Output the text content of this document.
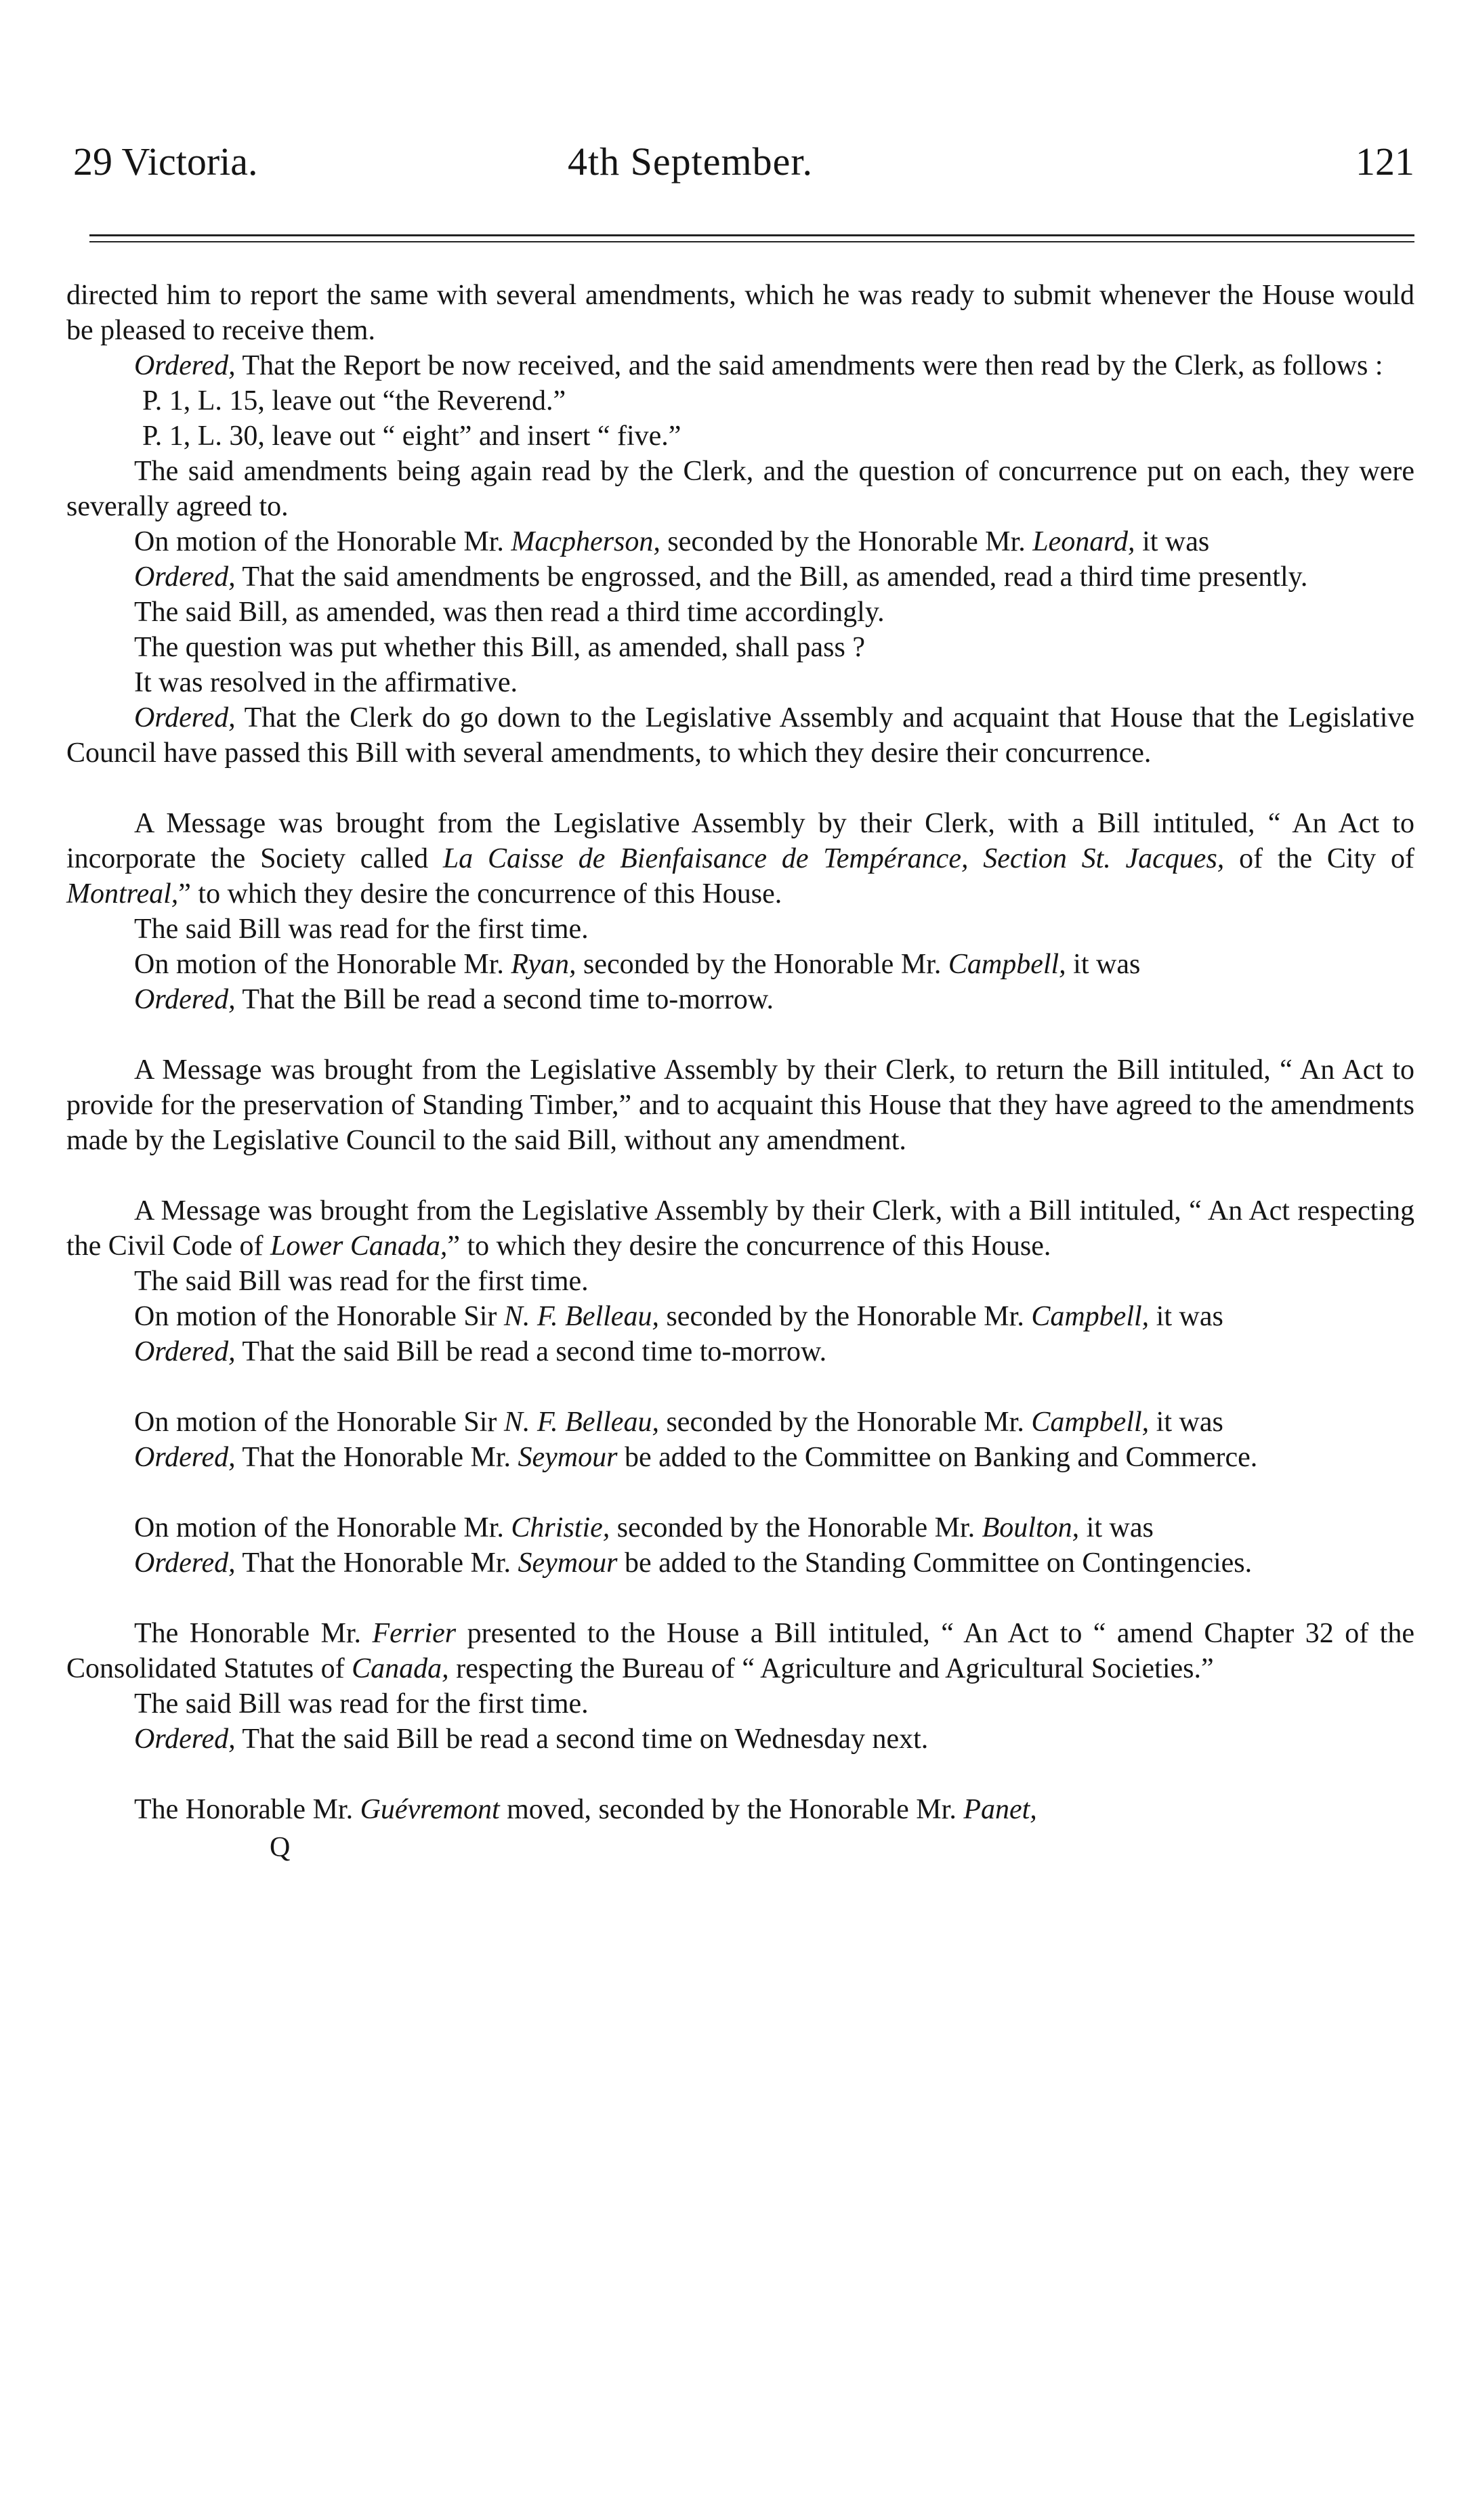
29 Victoria.	4th September.	121

directed him to report the same with several amendments, which he was ready to submit whenever the House would be pleased to receive them.

Ordered, That the Report be now received, and the said amendments were then read by the Clerk, as follows :

P. 1, L. 15, leave out “the Reverend.”

P. 1, L. 30, leave out “ eight” and insert “ five.”

The said amendments being again read by the Clerk, and the question of concurrence put on each, they were severally agreed to.

On motion of the Honorable Mr. Macpherson, seconded by the Honorable Mr. Leonard, it was

Ordered, That the said amendments be engrossed, and the Bill, as amended, read a third time presently.

The said Bill, as amended, was then read a third time accordingly.

The question was put whether this Bill, as amended, shall pass ?

It was resolved in the affirmative.

Ordered, That the Clerk do go down to the Legislative Assembly and acquaint that House that the Legislative Council have passed this Bill with several amendments, to which they desire their concurrence.

A Message was brought from the Legislative Assembly by their Clerk, with a Bill intituled, “ An Act to incorporate the Society called La Caisse de Bienfaisance de Tempérance, Section St. Jacques, of the City of Montreal,” to which they desire the concurrence of this House.

The said Bill was read for the first time.

On motion of the Honorable Mr. Ryan, seconded by the Honorable Mr. Campbell, it was

Ordered, That the Bill be read a second time to-morrow.

A Message was brought from the Legislative Assembly by their Clerk, to return the Bill intituled, “ An Act to provide for the preservation of Standing Timber,” and to acquaint this House that they have agreed to the amendments made by the Legislative Council to the said Bill, without any amendment.

A Message was brought from the Legislative Assembly by their Clerk, with a Bill intituled, “ An Act respecting the Civil Code of Lower Canada,” to which they desire the concurrence of this House.

The said Bill was read for the first time.

On motion of the Honorable Sir N. F. Belleau, seconded by the Honorable Mr. Campbell, it was

Ordered, That the said Bill be read a second time to-morrow.

On motion of the Honorable Sir N. F. Belleau, seconded by the Honorable Mr. Campbell, it was

Ordered, That the Honorable Mr. Seymour be added to the Committee on Banking and Commerce.

On motion of the Honorable Mr. Christie, seconded by the Honorable Mr. Boulton, it was

Ordered, That the Honorable Mr. Seymour be added to the Standing Committee on Contingencies.

The Honorable Mr. Ferrier presented to the House a Bill intituled, “ An Act to “ amend Chapter 32 of the Consolidated Statutes of Canada, respecting the Bureau of “ Agriculture and Agricultural Societies.”

The said Bill was read for the first time.

Ordered, That the said Bill be read a second time on Wednesday next.

The Honorable Mr. Guévremont moved, seconded by the Honorable Mr. Panet,

Q
